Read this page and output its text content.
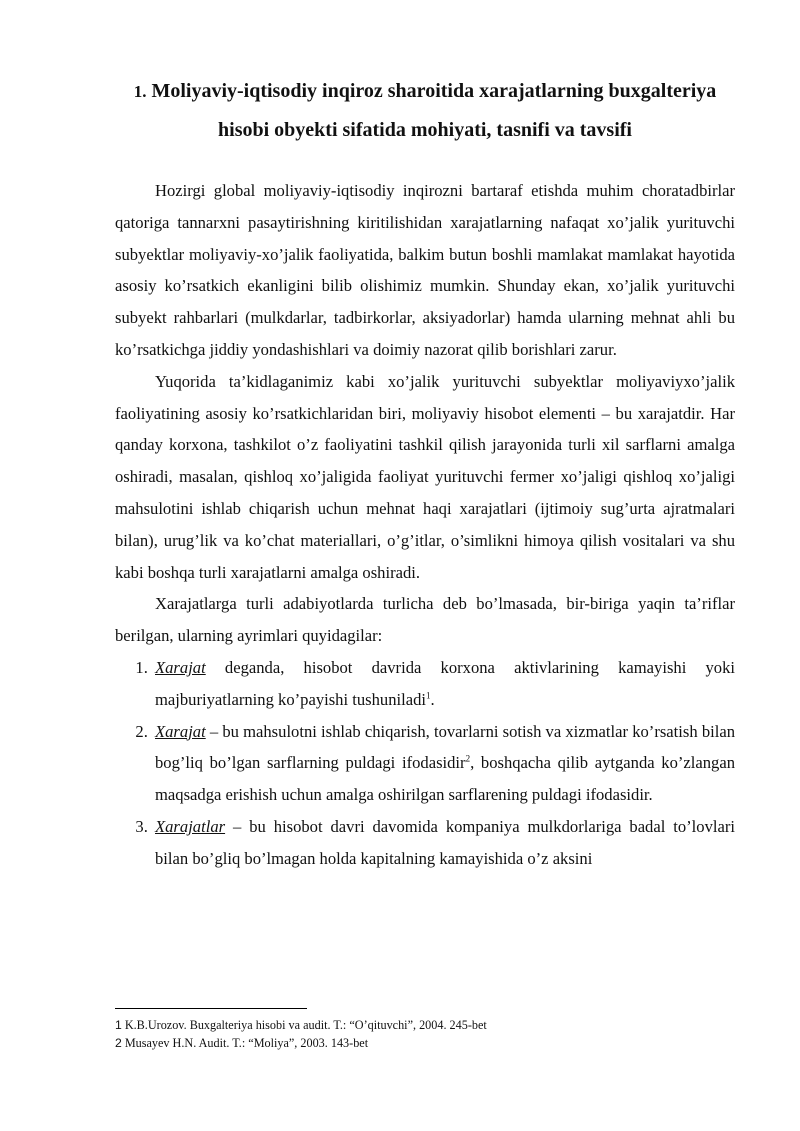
1. Moliyaviy-iqtisodiy inqiroz sharoitida xarajatlarning buxgalteriya hisobi obyekti sifatida mohiyati, tasnifi va tavsifi

Hozirgi global moliyaviy-iqtisodiy inqirozni bartaraf etishda muhim choratadbirlar qatoriga tannarxni pasaytirishning kiritilishidan xarajatlarning nafaqat xo’jalik yurituvchi subyektlar moliyaviy-xo’jalik faoliyatida, balkim butun boshli mamlakat mamlakat hayotida asosiy ko’rsatkich ekanligini bilib olishimiz mumkin. Shunday ekan, xo’jalik yurituvchi subyekt rahbarlari (mulkdarlar, tadbirkorlar, aksiyadorlar) hamda ularning mehnat ahli bu ko’rsatkichga jiddiy yondashishlari va doimiy nazorat qilib borishlari zarur.

Yuqorida ta’kidlaganimiz kabi xo’jalik yurituvchi subyektlar moliyaviyxo’jalik faoliyatining asosiy ko’rsatkichlaridan biri, moliyaviy hisobot elementi – bu xarajatdir. Har qanday korxona, tashkilot o’z faoliyatini tashkil qilish jarayonida turli xil sarflarni amalga oshiradi, masalan, qishloq xo’jaligida faoliyat yurituvchi fermer xo’jaligi qishloq xo’jaligi mahsulotini ishlab chiqarish uchun mehnat haqi xarajatlari (ijtimoiy sug’urta ajratmalari bilan), urug’lik va ko’chat materiallari, o’g’itlar, o’simlikni himoya qilish vositalari va shu kabi boshqa turli xarajatlarni amalga oshiradi.

Xarajatlarga turli adabiyotlarda turlicha deb bo’lmasada, bir-biriga yaqin ta’riflar berilgan, ularning ayrimlari quyidagilar:

1. Xarajat deganda, hisobot davrida korxona aktivlarining kamayishi yoki majburiyatlarning ko’payishi tushuniladi$^1$.
2. Xarajat – bu mahsulotni ishlab chiqarish, tovarlarni sotish va xizmatlar ko’rsatish bilan bog’liq bo’lgan sarflarning puldagi ifodasidir$^2$, boshqacha qilib aytganda ko’zlangan maqsadga erishish uchun amalga oshirilgan sarflarening puldagi ifodasidir.
3. Xarajatlar – bu hisobot davri davomida kompaniya mulkdorlariga badal to’lovlari bilan bo’gliq bo’lmagan holda kapitalning kamayishida o’z aksini
1 K.B.Urozov. Buxgalteriya hisobi va audit. T.: “O’qituvchi”, 2004. 245-bet
2 Musayev H.N. Audit. T.: “Moliya”, 2003. 143-bet
